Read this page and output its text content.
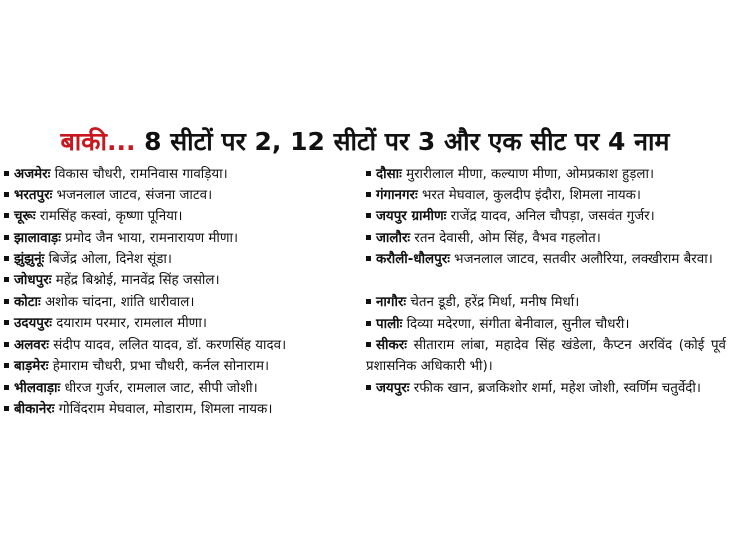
बाकी... 8 सीटों पर 2, 12 सीटों पर 3 और एक सीट पर 4 नाम
अजमेरः विकास चौधरी, रामनिवास गावड़िया।
भरतपुरः भजनलाल जाटव, संजना जाटव।
चूरूः रामसिंह कस्वां, कृष्णा पूनिया।
झालावाड़ः प्रमोद जैन भाया, रामनारायण मीणा।
झुंझुनूंः बिजेंद्र ओला, दिनेश सूंडा।
जोधपुरः महेंद्र बिश्नोई, मानवेंद्र सिंह जसोल।
कोटाः अशोक चांदना, शांति धारीवाल।
उदयपुरः दयाराम परमार, रामलाल मीणा।
अलवरः संदीप यादव, ललित यादव, डॉ. करणसिंह यादव।
बाड़मेरः हेमाराम चौधरी, प्रभा चौधरी, कर्नल सोनाराम।
भीलवाड़ाः धीरज गुर्जर, रामलाल जाट, सीपी जोशी।
बीकानेरः गोविंदराम मेघवाल, मोडाराम, शिमला नायक।
दौसाः मुरारीलाल मीणा, कल्याण मीणा, ओमप्रकाश हुड़ला।
गंगानगरः भरत मेघवाल, कुलदीप इंदौरा, शिमला नायक।
जयपुर ग्रामीणः राजेंद्र यादव, अनिल चौपड़ा, जसवंत गुर्जर।
जालौरः रतन देवासी, ओम सिंह, वैभव गहलोत।
करौली-धौलपुरः भजनलाल जाटव, सतवीर अलौरिया, लक्खीराम बैरवा।
नागौरः चेतन डूडी, हरेंद्र मिर्धा, मनीष मिर्धा।
पालीः दिव्या मदेरणा, संगीता बेनीवाल, सुनील चौधरी।
सीकरः सीताराम लांबा, महादेव सिंह खंडेला, कैप्टन अरविंद (कोई पूर्व प्रशासनिक अधिकारी भी)।
जयपुरः रफीक खान, ब्रजकिशोर शर्मा, महेश जोशी, स्वर्णिम चतुर्वेदी।
